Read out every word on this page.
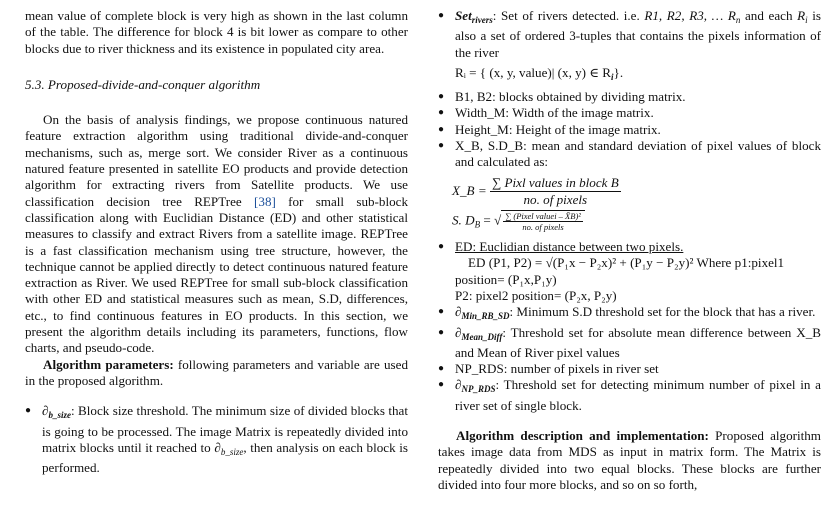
mean value of complete block is very high as shown in the last column of the table. The difference for block 4 is bit lower as compare to other blocks due to river thickness and its existence in populated city area.

5.3. Proposed-divide-and-conquer algorithm

On the basis of analysis findings, we propose continuous natured feature extraction algorithm using traditional divide-and-conquer mechanisms, such as, merge sort. We consider River as a continuous natured feature presented in satellite EO products and provide detection algorithm for extracting rivers from Satellite products. We use classification decision tree REPTree [38] for small sub-block classification along with Euclidian Distance (ED) and other statistical measures to classify and extract Rivers from a satellite image. REPTree is a fast classification mechanism using tree structure, however, the technique cannot be applied directly to detect continuous natured feature extraction as River. We used REPTree for small sub-block classification with other ED and statistical measures such as mean, S.D, differences, etc., to find continuous features in EO products. In this section, we present the algorithm details including its parameters, functions, flow charts, and pseudo-code.

Algorithm parameters: following parameters and variable are used in the proposed algorithm.

● $\partial_{b\_size}$: Block size threshold. The minimum size of divided blocks that is going to be processed. The image Matrix is repeatedly divided into matrix blocks until it reached to $\partial_{b\_size}$, then analysis on each block is performed.
● Set$_{rivers}$: Set of rivers detected. i.e. R1, R2, R3, … $R_n$ and each $R_i$ is also a set of ordered 3-tuples that contains the pixels information of the river
Rᵢ = { (x, y, value)| (x, y) ∈ $R_i$}.
● B1, B2: blocks obtained by dividing matrix.
● Width_M: Width of the image matrix.
● Height_M: Height of the image matrix.
● X_B, S.D_B: mean and standard deviation of pixel values of block and calculated as:
X_B = $\frac{\text{∑ Pixl values in block B}}{\text{no. of pixels}}$
S. $D_B$ = √ $\frac{\text{∑ (Pixel valuei – X̄B)²}}{\text{no. of pixels}}$
● ED: Euclidian distance between two pixels.
ED (P1, P2) = √(P₁x − P₂x)² + (P₁y − P₂y)² Where p1:pixel1
position= (P₁x,P₁y)
P2: pixel2 position= (P₂x, P₂y)
● $\partial_{Min\_RB\_SD}$: Minimum S.D threshold set for the block that has a river.
● $\partial_{Mean\_Diff}$: Threshold set for absolute mean difference between X_B and Mean of River pixel values
● NP_RDS: number of pixels in river set
● $\partial_{NP\_RDS}$: Threshold set for detecting minimum number of pixel in a river set of single block.

Algorithm description and implementation: Proposed algorithm takes image data from MDS as input in matrix form. The Matrix is repeatedly divided into two equal blocks. These blocks are further divided into four more blocks, and so on so forth,
